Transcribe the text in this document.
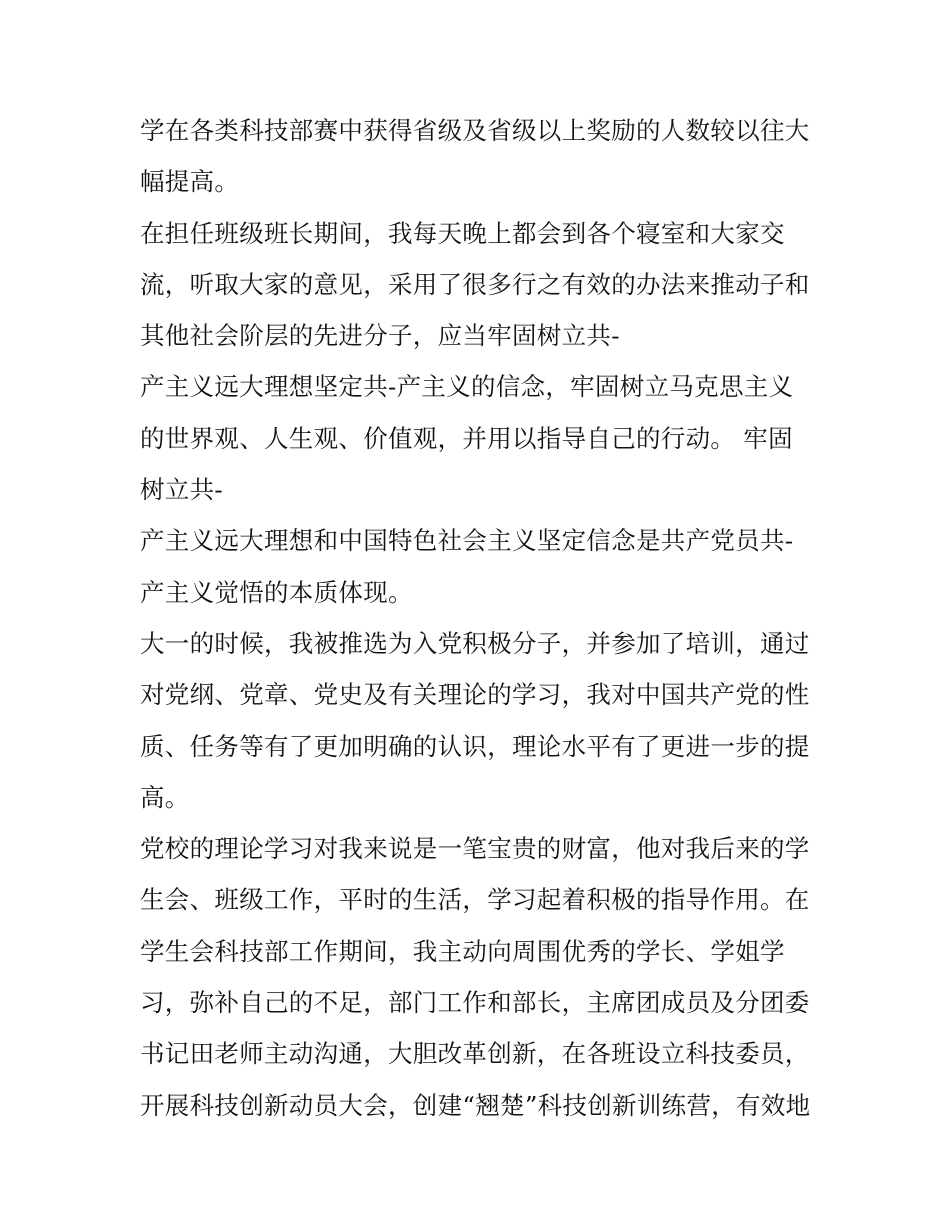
学在各类科技部赛中获得省级及省级以上奖励的人数较以往大
幅提高。
在担任班级班长期间，我每天晚上都会到各个寝室和大家交
流，听取大家的意见，采用了很多行之有效的办法来推动子和
其他社会阶层的先进分子，应当牢固树立共-
产主义远大理想坚定共-产主义的信念，牢固树立马克思主义
的世界观、人生观、价值观，并用以指导自己的行动。 牢固
树立共-
产主义远大理想和中国特色社会主义坚定信念是共产党员共-
产主义觉悟的本质体现。
大一的时候，我被推选为入党积极分子，并参加了培训，通过
对党纲、党章、党史及有关理论的学习，我对中国共产党的性
质、任务等有了更加明确的认识，理论水平有了更进一步的提
高。
党校的理论学习对我来说是一笔宝贵的财富，他对我后来的学
生会、班级工作，平时的生活，学习起着积极的指导作用。在
学生会科技部工作期间，我主动向周围优秀的学长、学姐学
习，弥补自己的不足，部门工作和部长，主席团成员及分团委
书记田老师主动沟通，大胆改革创新，在各班设立科技委员，
开展科技创新动员大会，创建“翘楚”科技创新训练营，有效地
